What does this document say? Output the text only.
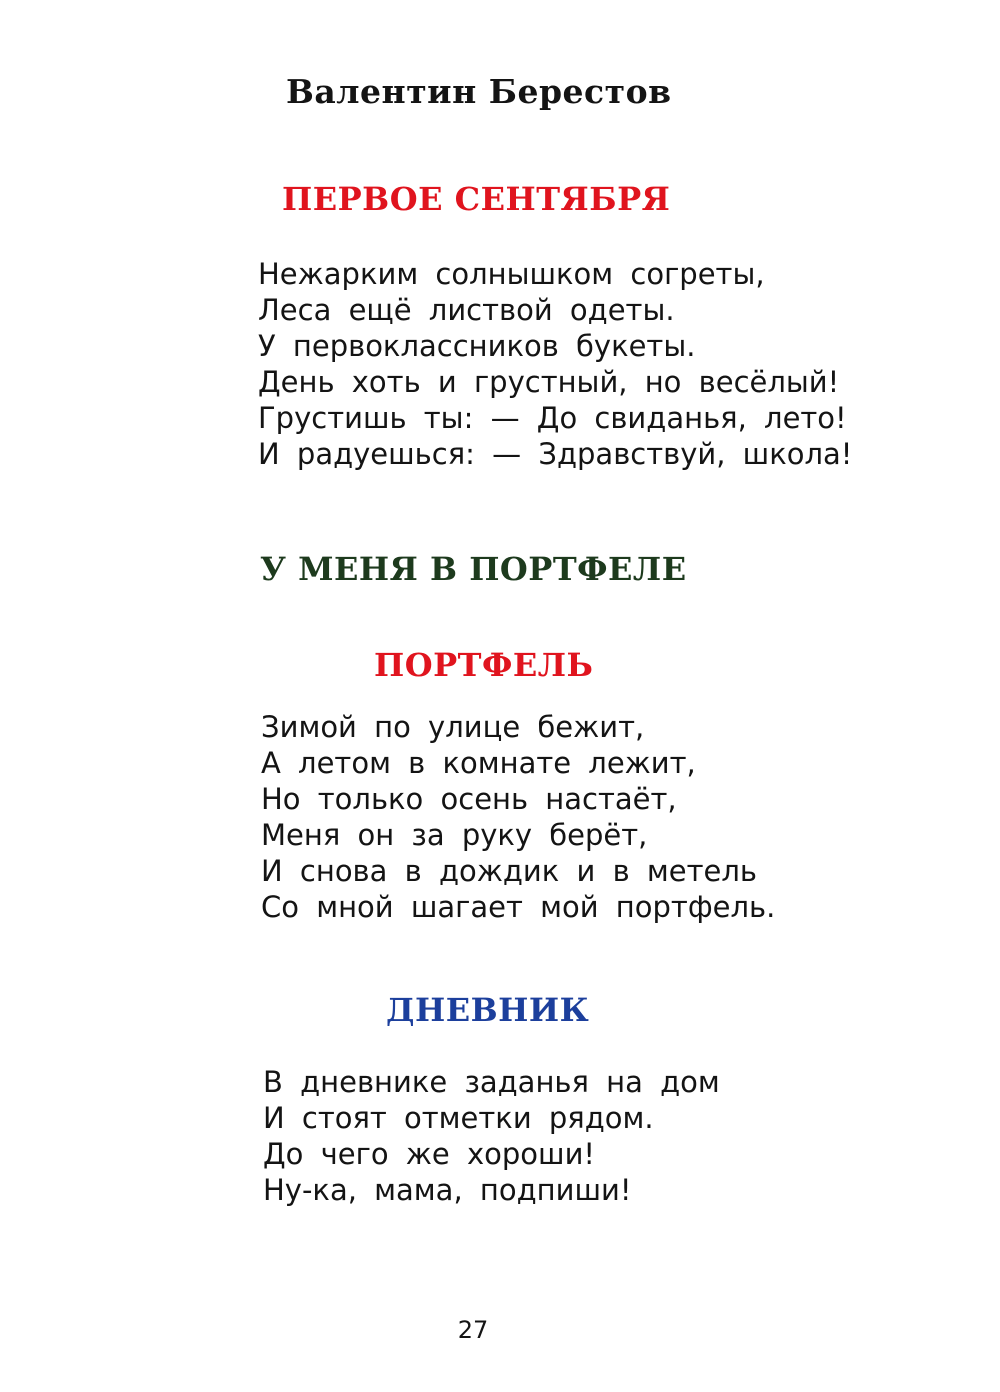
Валентин Берестов
ПЕРВОЕ СЕНТЯБРЯ
Нежарким солнышком согреты,
Леса ещё листвой одеты.
У первоклассников букеты.
День хоть и грустный, но весёлый!
Грустишь ты: — До свиданья, лето!
И радуешься: — Здравствуй, школа!
У МЕНЯ В ПОРТФЕЛЕ
ПОРТФЕЛЬ
Зимой по улице бежит,
А летом в комнате лежит,
Но только осень настаёт,
Меня он за руку берёт,
И снова в дождик и в метель
Со мной шагает мой портфель.
ДНЕВНИК
В дневнике заданья на дом
И стоят отметки рядом.
До чего же хороши!
Ну-ка, мама, подпиши!
27
